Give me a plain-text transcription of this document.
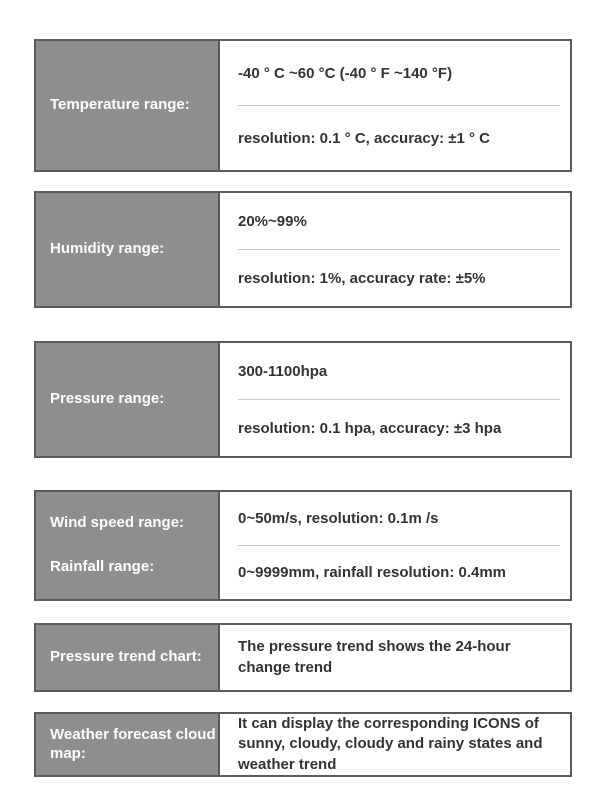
Temperature range:
-40 ° C ~60 °C (-40 ° F ~140 °F)
resolution: 0.1 ° C, accuracy: ±1 ° C
Humidity range:
20%~99%
resolution: 1%, accuracy rate: ±5%
Pressure range:
300-1100hpa
resolution: 0.1 hpa, accuracy: ±3 hpa
Wind speed range:
Rainfall range:
0~50m/s, resolution: 0.1m /s
0~9999mm, rainfall resolution: 0.4mm
Pressure trend chart:
The pressure trend shows the 24-hour change trend
Weather forecast cloud map:
It can display the corresponding ICONS of sunny, cloudy, cloudy and rainy states and weather trend
